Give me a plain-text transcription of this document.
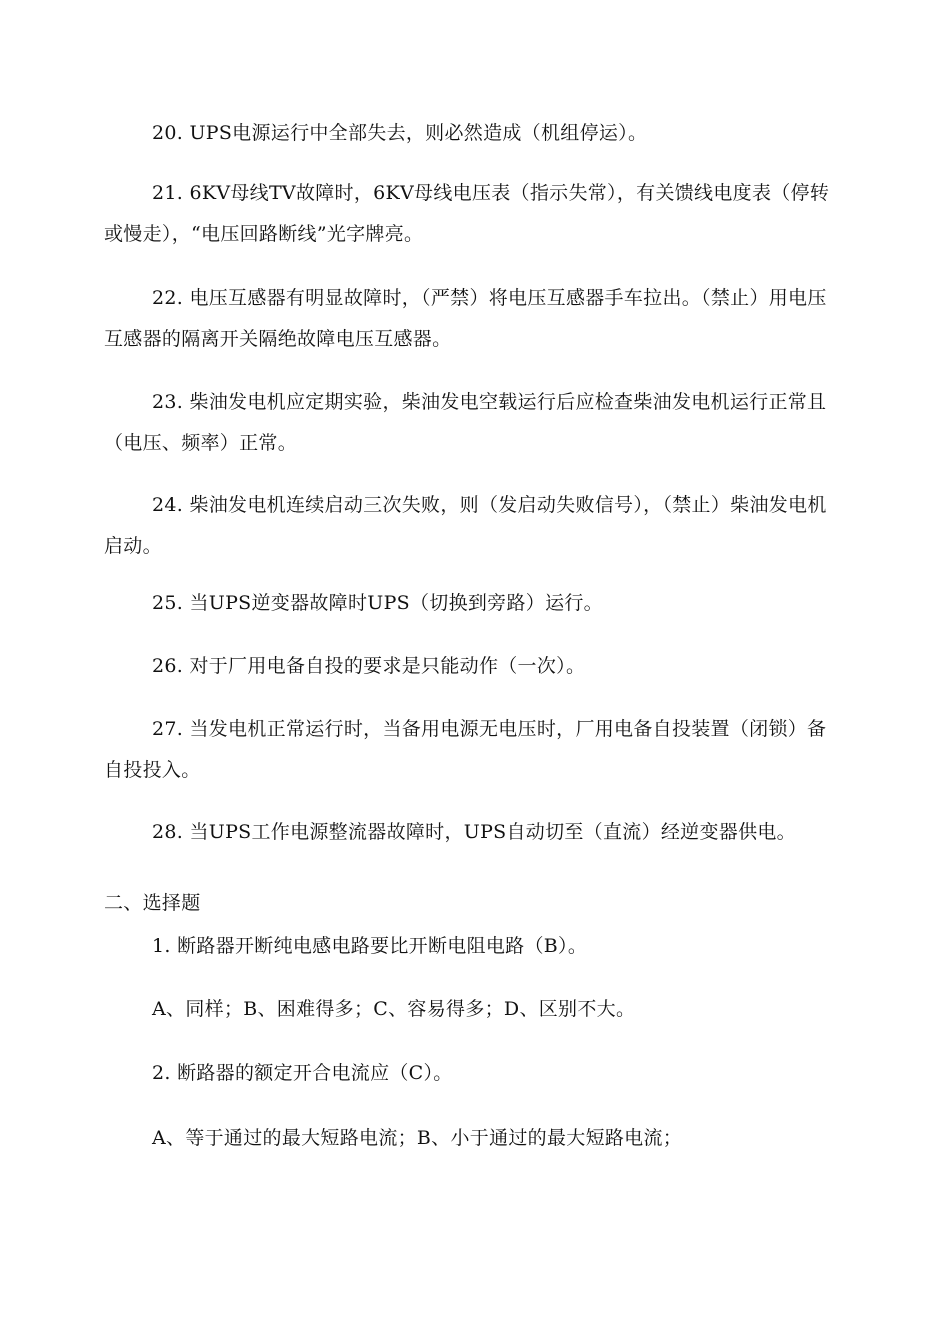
20. UPS电源运行中全部失去，则必然造成（机组停运）。

21. 6KV母线TV故障时，6KV母线电压表（指示失常），有关馈线电度表（停转或慢走），“电压回路断线”光字牌亮。

22. 电压互感器有明显故障时，（严禁）将电压互感器手车拉出。（禁止）用电压互感器的隔离开关隔绝故障电压互感器。

23. 柴油发电机应定期实验，柴油发电空载运行后应检查柴油发电机运行正常且（电压、频率）正常。

24. 柴油发电机连续启动三次失败，则（发启动失败信号），（禁止）柴油发电机启动。

25. 当UPS逆变器故障时UPS（切换到旁路）运行。

26. 对于厂用电备自投的要求是只能动作（一次）。

27. 当发电机正常运行时，当备用电源无电压时，厂用电备自投装置（闭锁）备自投投入。

28. 当UPS工作电源整流器故障时，UPS自动切至（直流）经逆变器供电。

二、选择题

1. 断路器开断纯电感电路要比开断电阻电路（B）。

A、同样；B、困难得多；C、容易得多；D、区别不大。

2. 断路器的额定开合电流应（C）。

A、等于通过的最大短路电流；B、小于通过的最大短路电流；
